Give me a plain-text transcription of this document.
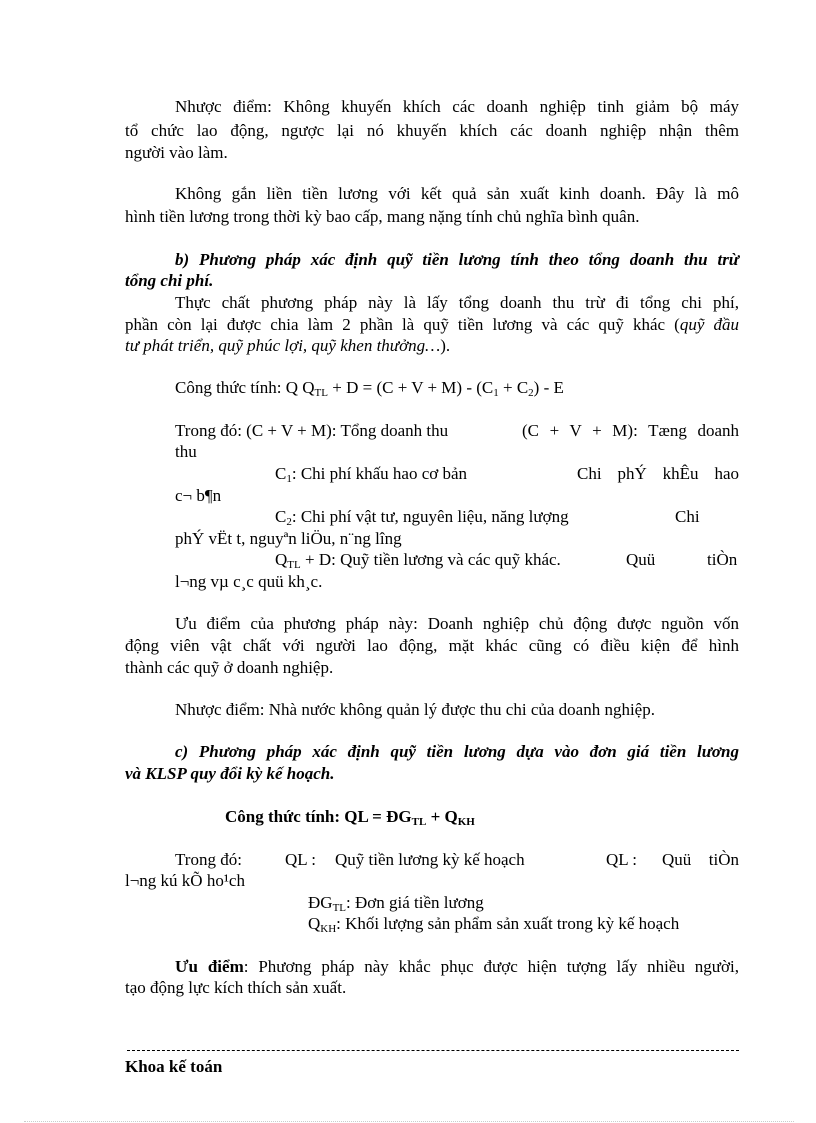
Nhược điểm: Không khuyến khích các doanh nghiệp tinh giảm bộ máy
tổ chức lao động, ngược lại nó khuyến khích các doanh nghiệp nhận thêm
người vào làm.
Không gắn liền tiền lương với kết quả sản xuất kinh doanh. Đây là mô
hình tiền lương trong thời kỳ bao cấp, mang nặng tính chủ nghĩa bình quân.
b) Phương pháp xác định quỹ tiền lương tính theo tổng doanh thu trừ
tổng chi phí.
Thực chất phương pháp này là lấy tổng doanh thu trừ đi tổng chi phí,
phần còn lại được chia làm 2 phần là quỹ tiền lương và các quỹ khác (quỹ đầu
tư phát triển, quỹ phúc lợi, quỹ khen thưởng…).
Công thức tính: Q $Q_{TL} + D = (C + V + M) - (C_1 + C_2) - E$
Trong đó: (C + V + M): Tổng doanh thu	(C + V + M): Tæng doanh
thu
$C_1$: Chi phí khấu hao cơ bản	Chi phÝ khÊu hao
c¬ b¶n
$C_2$: Chi phí vật tư, nguyên liệu, năng lượng	Chi
phÝ vËt t, nguyªn liÖu, n¨ng lîng
$Q_{TL} + D$: Quỹ tiền lương và các quỹ khác.	Quü	tiÒn
l¬ng vµ c¸c quü kh¸c.
Ưu điểm của phương pháp này: Doanh nghiệp chủ động được nguồn vốn
động viên vật chất với người lao động, mặt khác cũng có điều kiện để hình
thành các quỹ ở doanh nghiệp.
Nhược điểm: Nhà nước không quản lý được thu chi của doanh nghiệp.
c) Phương pháp xác định quỹ tiền lương dựa vào đơn giá tiền lương
và KLSP quy đổi kỳ kế hoạch.
Công thức tính: QL = $ĐG_{TL} + Q_{KH}$
Trong đó:	QL : Quỹ tiền lương kỳ kế hoạch	QL : Quü tiÒn
l¬ng kú kÕ ho¹ch
$ĐG_{TL}$: Đơn giá tiền lương
$Q_{KH}$: Khối lượng sản phẩm sản xuất trong kỳ kế hoạch
Ưu điểm: Phương pháp này khắc phục được hiện tượng lấy nhiều người,
tạo động lực kích thích sản xuất.
Khoa kế toán
